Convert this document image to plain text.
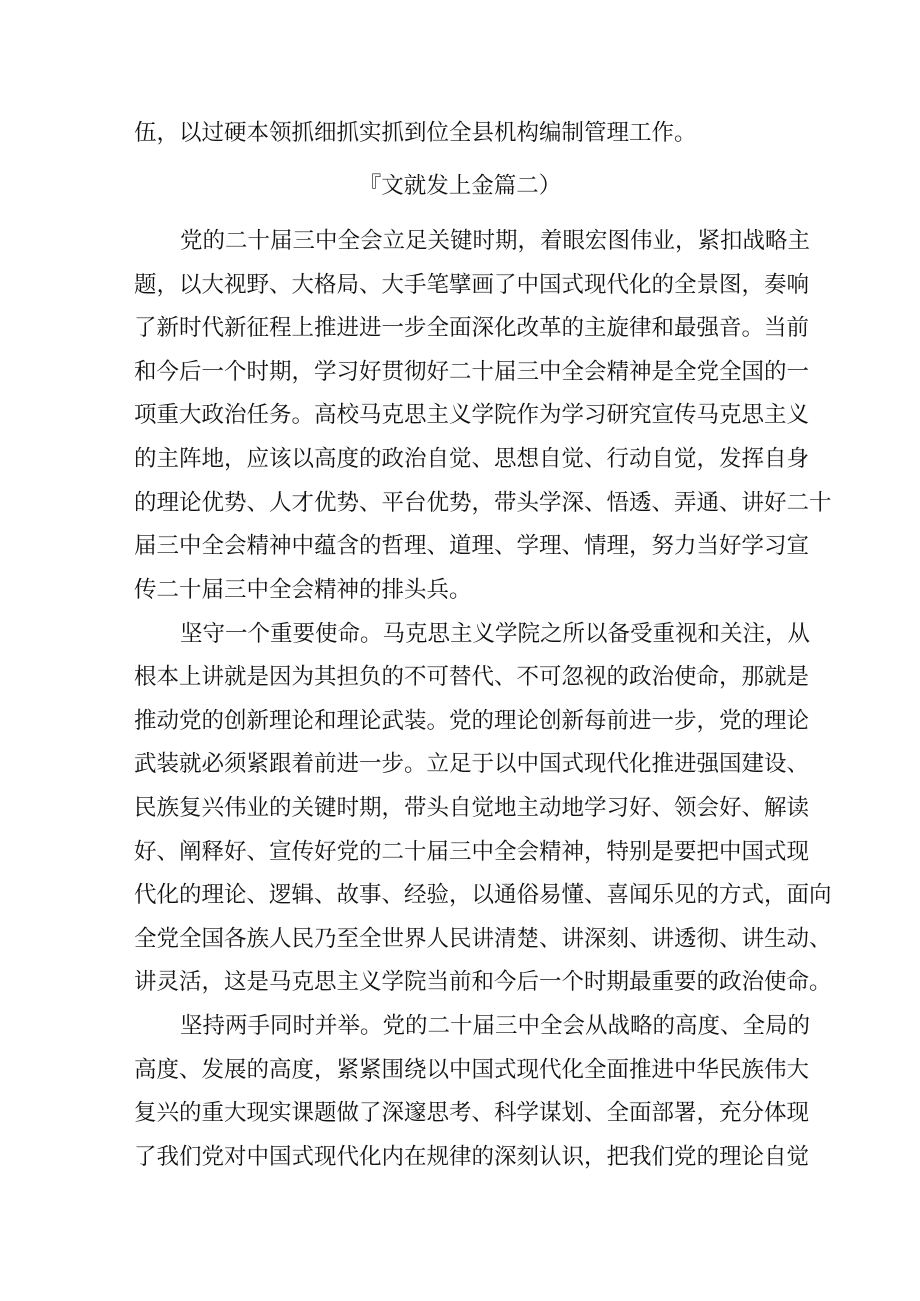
伍，以过硬本领抓细抓实抓到位全县机构编制管理工作。
『文就发上金篇二）
党的二十届三中全会立足关键时期，着眼宏图伟业，紧扣战略主
题，以大视野、大格局、大手笔擘画了中国式现代化的全景图，奏响
了新时代新征程上推进进一步全面深化改革的主旋律和最强音。当前
和今后一个时期，学习好贯彻好二十届三中全会精神是全党全国的一
项重大政治任务。高校马克思主义学院作为学习研究宣传马克思主义
的主阵地，应该以高度的政治自觉、思想自觉、行动自觉，发挥自身
的理论优势、人才优势、平台优势，带头学深、悟透、弄通、讲好二十
届三中全会精神中蕴含的哲理、道理、学理、情理，努力当好学习宣
传二十届三中全会精神的排头兵。
坚守一个重要使命。马克思主义学院之所以备受重视和关注，从
根本上讲就是因为其担负的不可替代、不可忽视的政治使命，那就是
推动党的创新理论和理论武装。党的理论创新每前进一步，党的理论
武装就必须紧跟着前进一步。立足于以中国式现代化推进强国建设、
民族复兴伟业的关键时期，带头自觉地主动地学习好、领会好、解读
好、阐释好、宣传好党的二十届三中全会精神，特别是要把中国式现
代化的理论、逻辑、故事、经验，以通俗易懂、喜闻乐见的方式，面向
全党全国各族人民乃至全世界人民讲清楚、讲深刻、讲透彻、讲生动、
讲灵活，这是马克思主义学院当前和今后一个时期最重要的政治使命。
坚持两手同时并举。党的二十届三中全会从战略的高度、全局的
高度、发展的高度，紧紧围绕以中国式现代化全面推进中华民族伟大
复兴的重大现实课题做了深邃思考、科学谋划、全面部署，充分体现
了我们党对中国式现代化内在规律的深刻认识，把我们党的理论自觉
